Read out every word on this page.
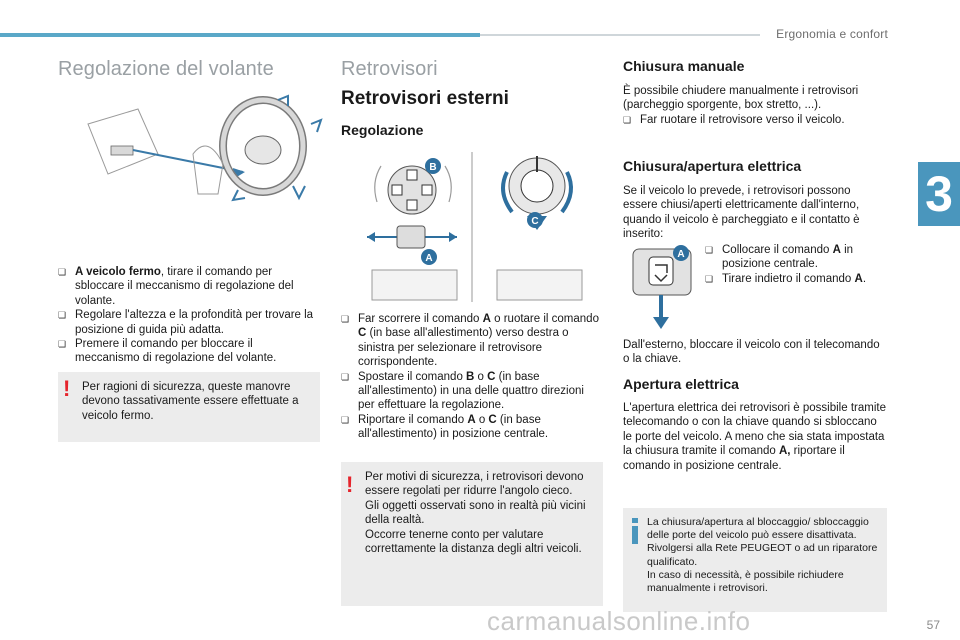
Ergonomia e confort
3
Regolazione del volante
❏ A veicolo fermo, tirare il comando per sbloccare il meccanismo di regolazione del volante.
❏ Regolare l'altezza e la profondità per trovare la posizione di guida più adatta.
❏ Premere il comando per bloccare il meccanismo di regolazione del volante.
! Per ragioni di sicurezza, queste manovre devono tassativamente essere effettuate a veicolo fermo.
Retrovisori
Retrovisori esterni
Regolazione
B
C
A
❏ Far scorrere il comando A o ruotare il comando C (in base all'allestimento) verso destra o sinistra per selezionare il retrovisore corrispondente.
❏ Spostare il comando B o C (in base all'allestimento) in una delle quattro direzioni per effettuare la regolazione.
❏ Riportare il comando A o C (in base all'allestimento) in posizione centrale.
! Per motivi di sicurezza, i retrovisori devono essere regolati per ridurre l'angolo cieco.
Gli oggetti osservati sono in realtà più vicini della realtà.
Occorre tenerne conto per valutare correttamente la distanza degli altri veicoli.
Chiusura manuale
È possibile chiudere manualmente i retrovisori (parcheggio sporgente, box stretto, ...).
❏ Far ruotare il retrovisore verso il veicolo.
Chiusura/apertura elettrica
Se il veicolo lo prevede, i retrovisori possono essere chiusi/aperti elettricamente dall'interno, quando il veicolo è parcheggiato e il contatto è inserito:
A ❏ Collocare il comando A in posizione centrale.
❏ Tirare indietro il comando A.
Dall'esterno, bloccare il veicolo con il telecomando o la chiave.
Apertura elettrica
L'apertura elettrica dei retrovisori è possibile tramite telecomando o con la chiave quando si sbloccano le porte del veicolo. A meno che sia stata impostata la chiusura tramite il comando A, riportare il comando in posizione centrale.
La chiusura/apertura al bloccaggio/ sbloccaggio delle porte del veicolo può essere disattivata. Rivolgersi alla Rete PEUGEOT o ad un riparatore qualificato.
In caso di necessità, è possibile richiudere manualmente i retrovisori.
carmanualsonline.info	57
